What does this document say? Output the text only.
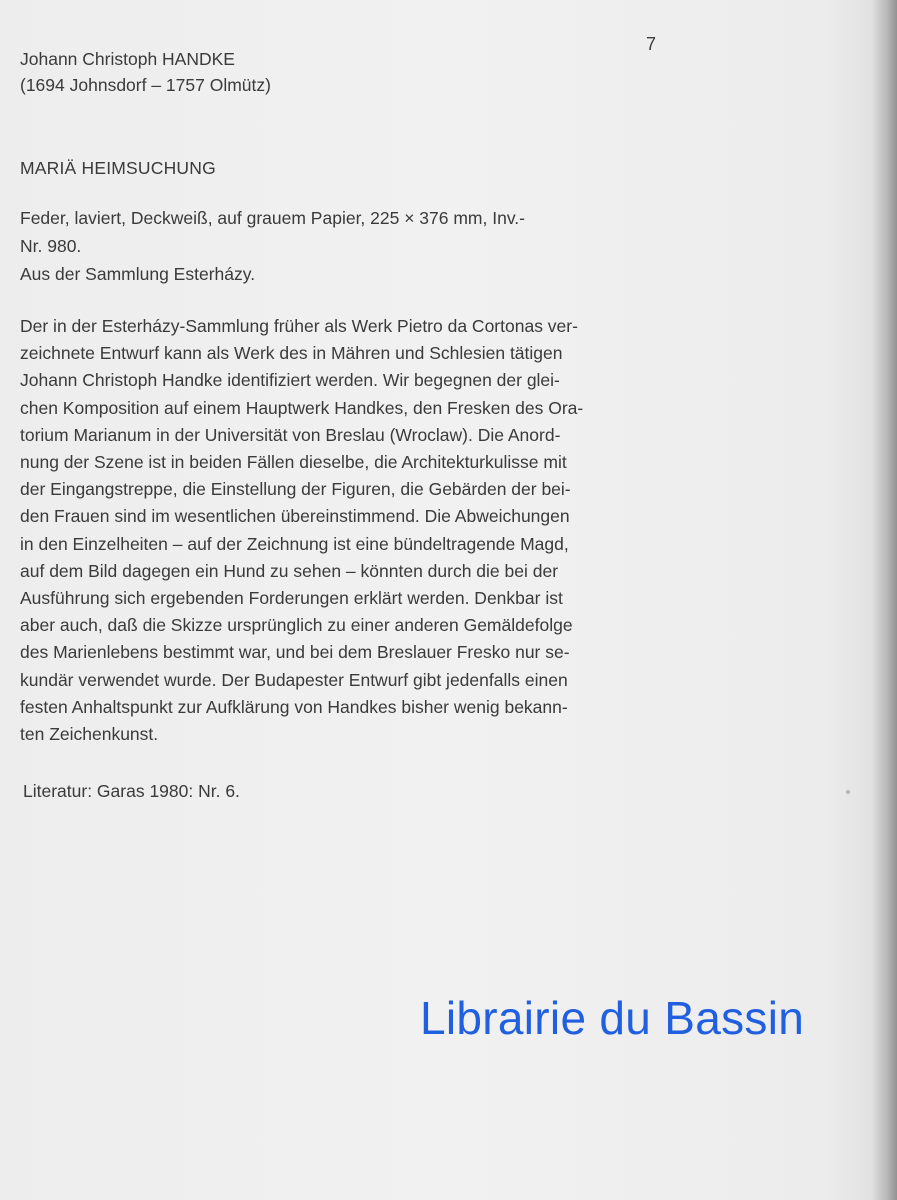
7
Johann Christoph HANDKE
(1694 Johnsdorf – 1757 Olmütz)
MARIÄ HEIMSUCHUNG
Feder, laviert, Deckweiß, auf grauem Papier, 225 × 376 mm, Inv.-
Nr. 980.
Aus der Sammlung Esterházy.
Der in der Esterházy-Sammlung früher als Werk Pietro da Cortonas ver-
zeichnete Entwurf kann als Werk des in Mähren und Schlesien tätigen
Johann Christoph Handke identifiziert werden. Wir begegnen der glei-
chen Komposition auf einem Hauptwerk Handkes, den Fresken des Ora-
torium Marianum in der Universität von Breslau (Wroclaw). Die Anord-
nung der Szene ist in beiden Fällen dieselbe, die Architekturkulisse mit
der Eingangstreppe, die Einstellung der Figuren, die Gebärden der bei-
den Frauen sind im wesentlichen übereinstimmend. Die Abweichungen
in den Einzelheiten – auf der Zeichnung ist eine bündeltragende Magd,
auf dem Bild dagegen ein Hund zu sehen – könnten durch die bei der
Ausführung sich ergebenden Forderungen erklärt werden. Denkbar ist
aber auch, daß die Skizze ursprünglich zu einer anderen Gemäldefolge
des Marienlebens bestimmt war, und bei dem Breslauer Fresko nur se-
kundär verwendet wurde. Der Budapester Entwurf gibt jedenfalls einen
festen Anhaltspunkt zur Aufklärung von Handkes bisher wenig bekann-
ten Zeichenkunst.
Literatur: Garas 1980: Nr. 6.
Librairie du Bassin
